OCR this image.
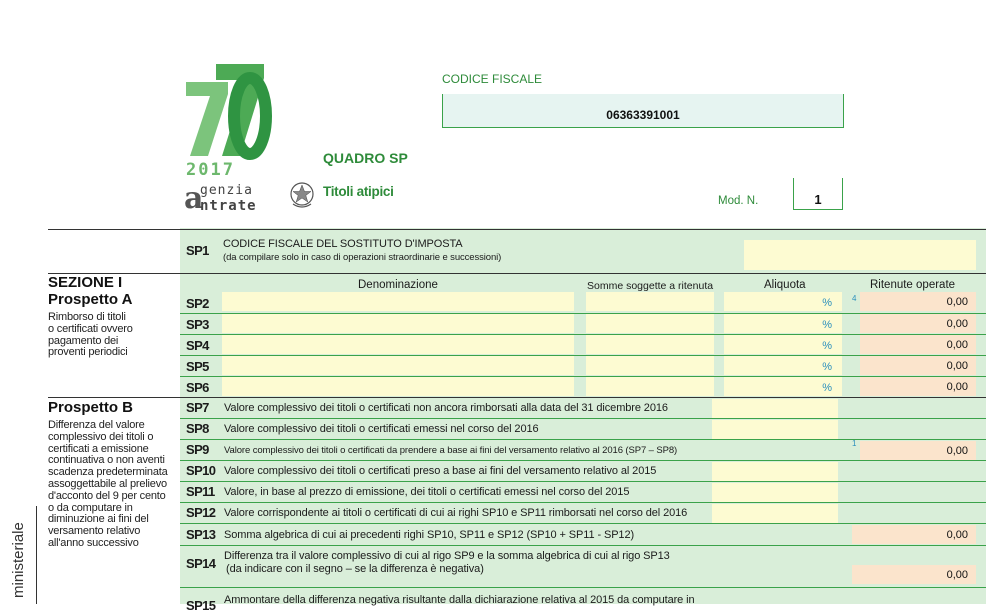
2017
a
genzia
ntrate
QUADRO SP
Titoli atipici
CODICE FISCALE
06363391001
Mod. N.	1
SP1 CODICE FISCALE DEL SOSTITUTO D'IMPOSTA
(da compilare solo in caso di operazioni straordinarie e successioni)
SEZIONE I
Prospetto A
Rimborso di titoli
o certificati ovvero
pagamento dei
proventi periodici
Denominazione	Somme soggette a ritenuta	Aliquota	Ritenute operate
4
SP2	%	0,00
SP3	%	0,00
SP4	%	0,00
SP5	%	0,00
SP6	%	0,00
Prospetto B
Differenza del valore
complessivo dei titoli o
certificati a emissione
continuativa o non aventi
scadenza predeterminata
assoggettabile al prelievo
d'acconto del 9 per cento
o da computare in
diminuzione ai fini del
versamento relativo
all'anno successivo
SP7 Valore complessivo dei titoli o certificati non ancora rimborsati alla data del 31 dicembre 2016
SP8 Valore complessivo dei titoli o certificati emessi nel corso del 2016
SP9 Valore complessivo dei titoli o certificati da prendere a base ai fini del versamento relativo al 2016 (SP7 – SP8)
1
0,00
SP10 Valore complessivo dei titoli o certificati preso a base ai fini del versamento relativo al 2015
SP11 Valore, in base al prezzo di emissione, dei titoli o certificati emessi nel corso del 2015
SP12 Valore corrispondente ai titoli o certificati di cui ai righi SP10 e SP11 rimborsati nel corso del 2016
SP13 Somma algebrica di cui ai precedenti righi SP10, SP11 e SP12 (SP10 + SP11 - SP12)	0,00
SP14 Differenza tra il valore complessivo di cui al rigo SP9 e la somma algebrica di cui al rigo SP13
(da indicare con il segno – se la differenza è negativa)	0,00
SP15 Ammontare della differenza negativa risultante dalla dichiarazione relativa al 2015 da computare in
ministeriale
